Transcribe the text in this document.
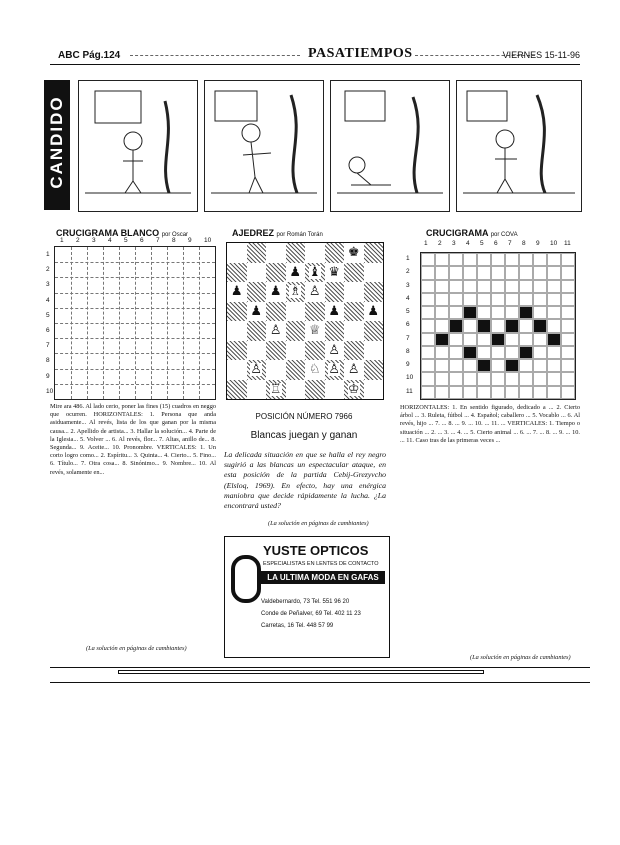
ABC Pág.124	PASATIEMPOS	VIERNES 15-11-96
CANDIDO
CRUCIGRAMA BLANCO por Oscar
1 2 3 4 5 6 7 8 9 10
1
2
3
4
5
6
7
8
9
10
Mire ara 486. Al lado cerio, poner las fines (15) cuadros en neggo que ocurren. HORIZONTALES: 1. Persona que anda asiduamente... Al revés, lista de los que ganan por la misma causa... 2. Apellido de artista... 3. Hallar la solución... 4. Parte de la Iglesia... 5. Volver ... 6. Al revés, flor... 7. Altas, anillo de... 8. Segunda... 9. Aceite... 10. Pronombre. VERTICALES: 1. Un corto logro como... 2. Espíritu... 3. Quinta... 4. Cierto... 5. Fino... 6. Título... 7. Otra cosa... 8. Sinónimo... 9. Nombre... 10. Al revés, solamente en...
(La solución en páginas de cambiantes)
AJEDREZ por Román Torán
♚
♟ ♝ ♛
♟ ♟ ♗ ♙
♟	♟ ♟
♙ ♕
♙
♙	♘ ♙ ♙
♖	♔
POSICIÓN NÚMERO 7966
Blancas juegan y ganan
La delicada situación en que se halla el rey negro sugirió a las blancas un espectacular ataque, en esta posición de la partida Cebij-Grezyvcho (Elsloq, 1969). En efecto, hay una enérgica maniobra que decide rápidamente la lucha. ¿La encontrará usted?
(La solución en páginas de cambiantes)
YUSTE OPTICOS
ESPECIALISTAS EN LENTES DE CONTACTO
LA ULTIMA MODA EN GAFAS
Valdebernardo, 73 Tel. 551 96 20
Conde de Peñalver, 69 Tel. 402 11 23
Carretas, 16 Tel. 448 57 99
CRUCIGRAMA por COVA
1 2 3 4 5 6 7 8 9 10 11
1
2
3
4
5
6
7
8
9
10
11
HORIZONTALES: 1. En sentido figurado, dedicado a ... 2. Cierto árbol ... 3. Ruleta, fútbol ... 4. Español; caballero ... 5. Vocablo ... 6. Al revés, hijo ... 7. ... 8. ... 9. ... 10. ... 11. ... VERTICALES: 1. Tiempo o situación ... 2. ... 3. ... 4. ... 5. Cierto animal ... 6. ... 7. ... 8. ... 9. ... 10. ... 11. Caso tras de las primeras veces ...
(La solución en páginas de cambiantes)
